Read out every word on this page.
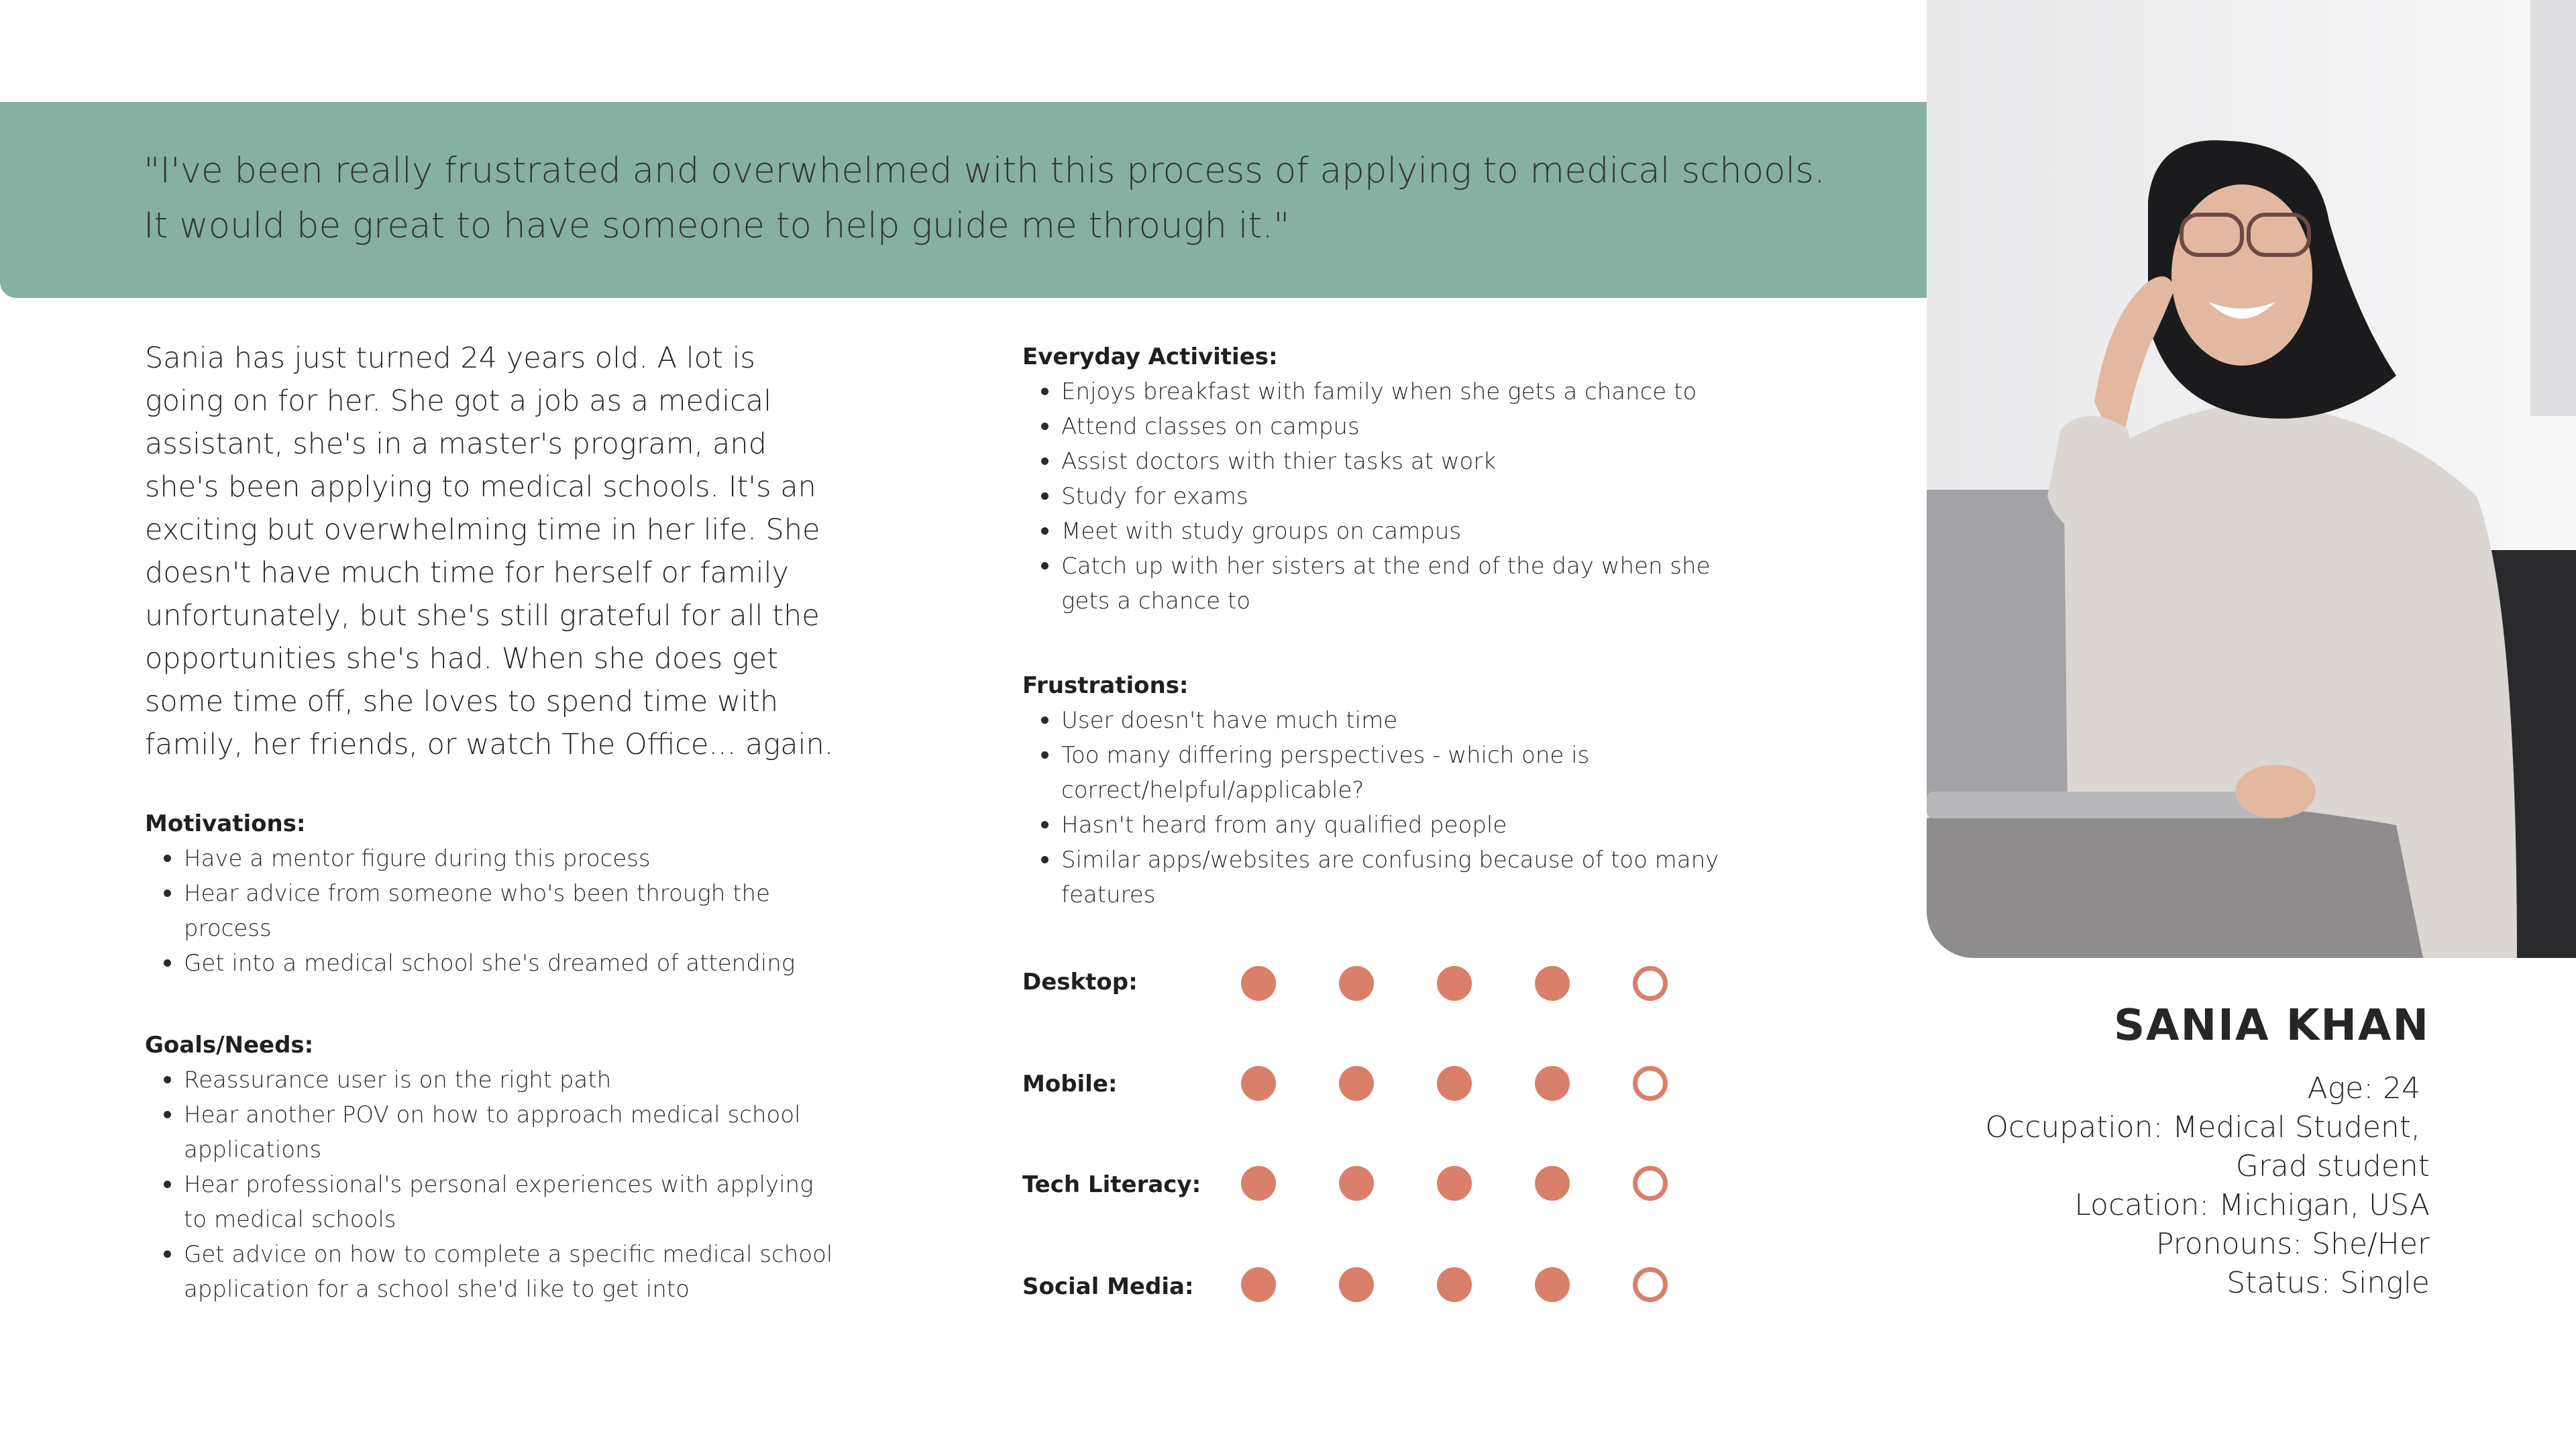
"I've been really frustrated and overwhelmed with this process of applying to medical schools.
It would be great to have someone to help guide me through it."

Sania has just turned 24 years old. A lot is going on for her. She got a job as a medical assistant, she's in a master's program, and she's been applying to medical schools. It's an exciting but overwhelming time in her life. She doesn't have much time for herself or family unfortunately, but she's still grateful for all the opportunities she's had. When she does get some time off, she loves to spend time with family, her friends, or watch The Office... again.

Motivations:

Have a mentor figure during this process
Hear advice from someone who's been through the process
Get into a medical school she's dreamed of attending

Goals/Needs:

Reassurance user is on the right path
Hear another POV on how to approach medical school applications
Hear professional's personal experiences with applying to medical schools
Get advice on how to complete a specific medical school application for a school she'd like to get into

Everyday Activities:

Enjoys breakfast with family when she gets a chance to
Attend classes on campus
Assist doctors with thier tasks at work
Study for exams
Meet with study groups on campus
Catch up with her sisters at the end of the day when she gets a chance to

Frustrations:

User doesn't have much time
Too many differing perspectives - which one is correct/helpful/applicable?
Hasn't heard from any qualified people
Similar apps/websites are confusing because of too many features
Desktop:
Mobile:
Tech Literacy:
Social Media:

SANIA KHAN

Age: 24
Occupation: Medical Student,
Grad student
Location: Michigan, USA
Pronouns: She/Her
Status: Single
